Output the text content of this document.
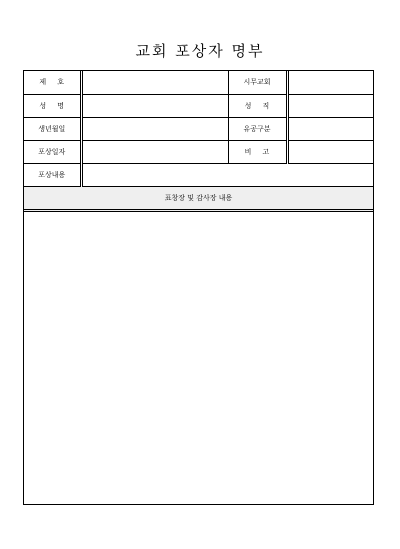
교회 포상자 명부
제     호		시무교회	
성     명		성     직	
생년월일		유공구분	
포상일자		비     고	
포상내용			
표창장 및 감사장 내용
